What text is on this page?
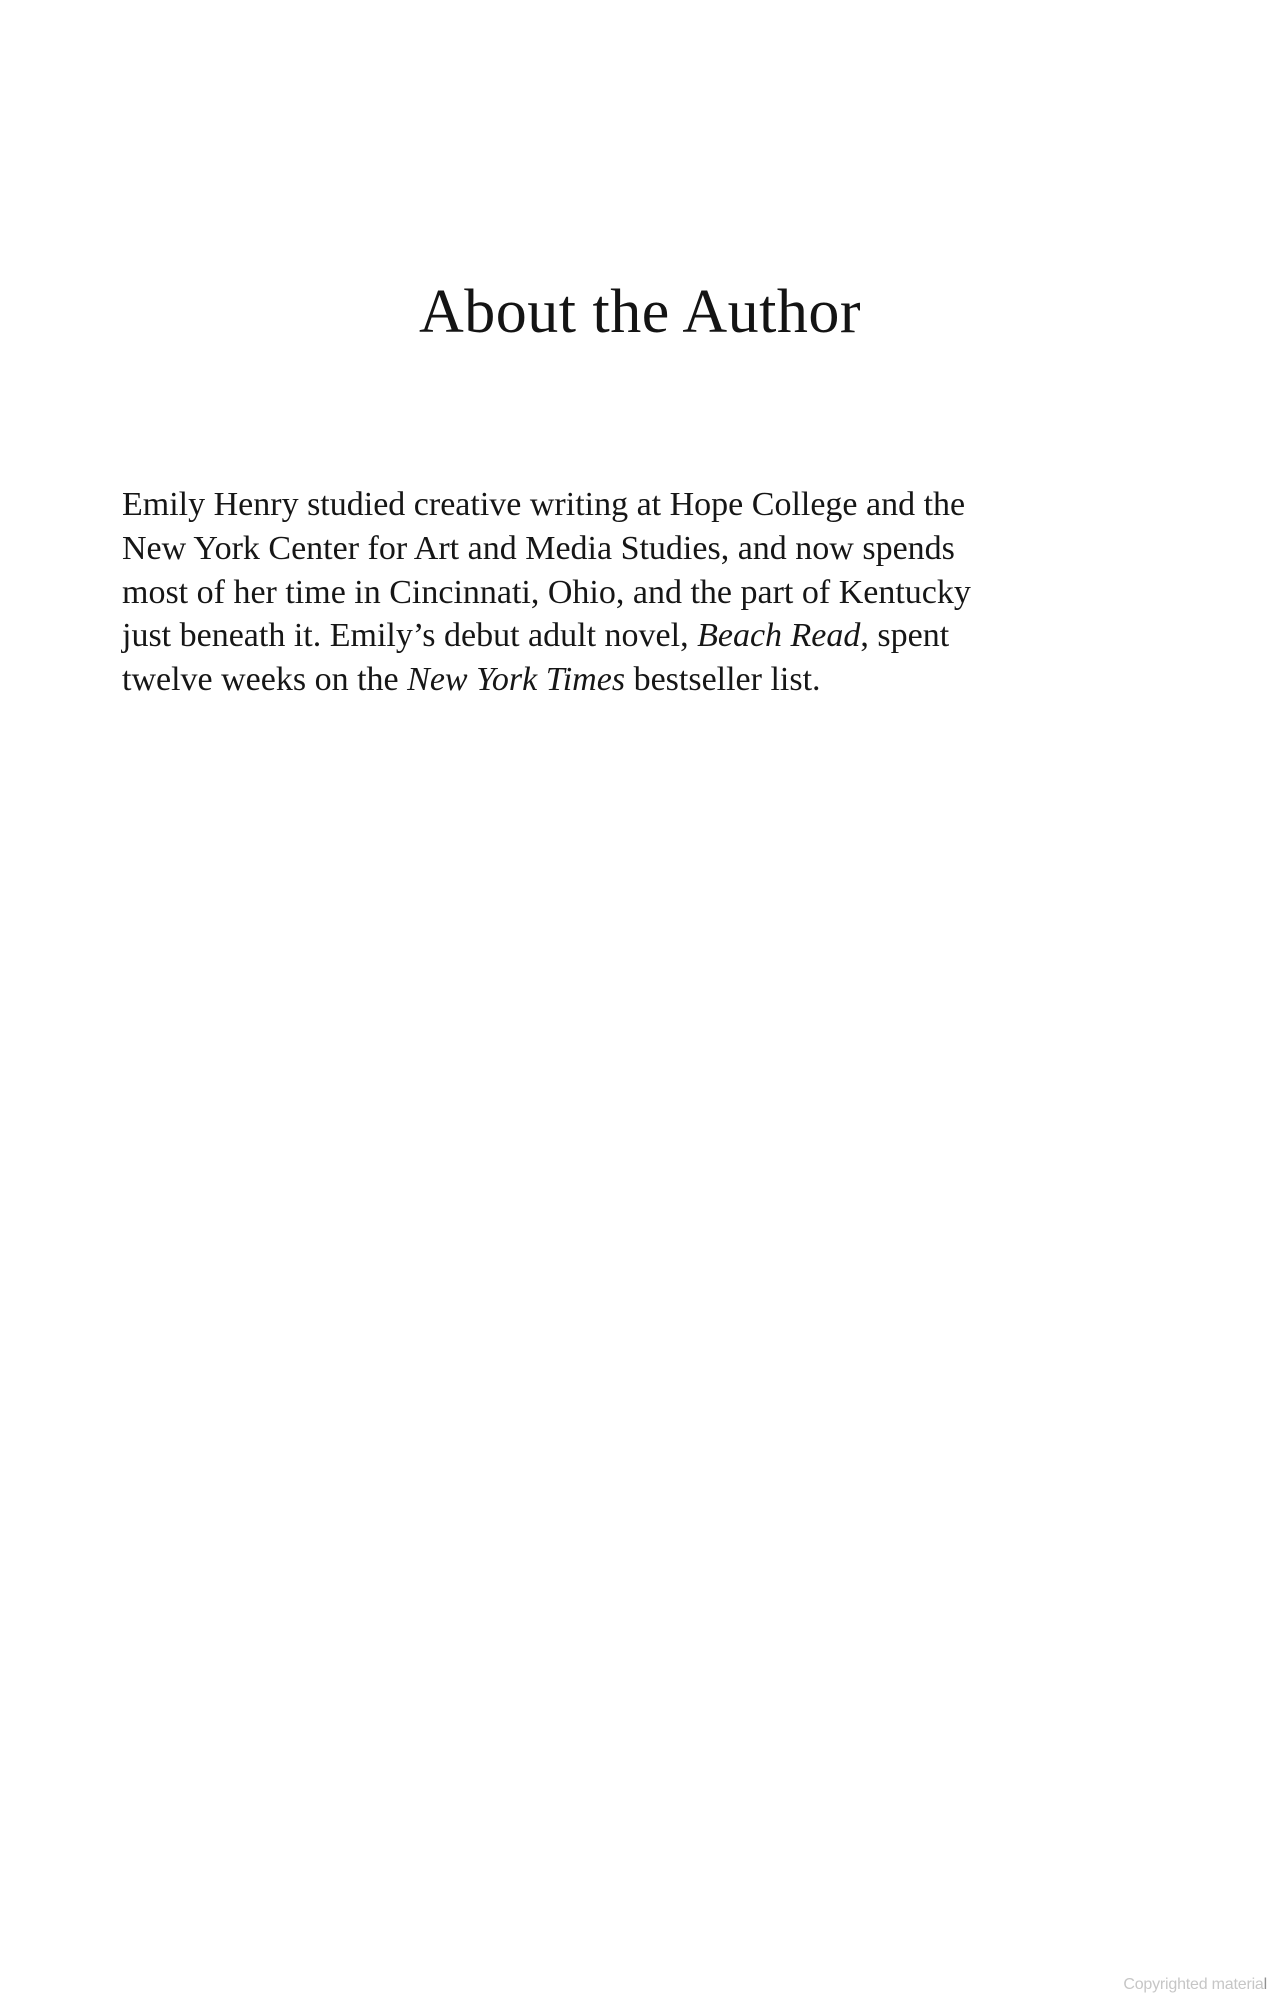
About the Author
Emily Henry studied creative writing at Hope College and the
New York Center for Art and Media Studies, and now spends
most of her time in Cincinnati, Ohio, and the part of Kentucky
just beneath it. Emily’s debut adult novel, Beach Read, spent
twelve weeks on the New York Times bestseller list.
Copyrighted material
